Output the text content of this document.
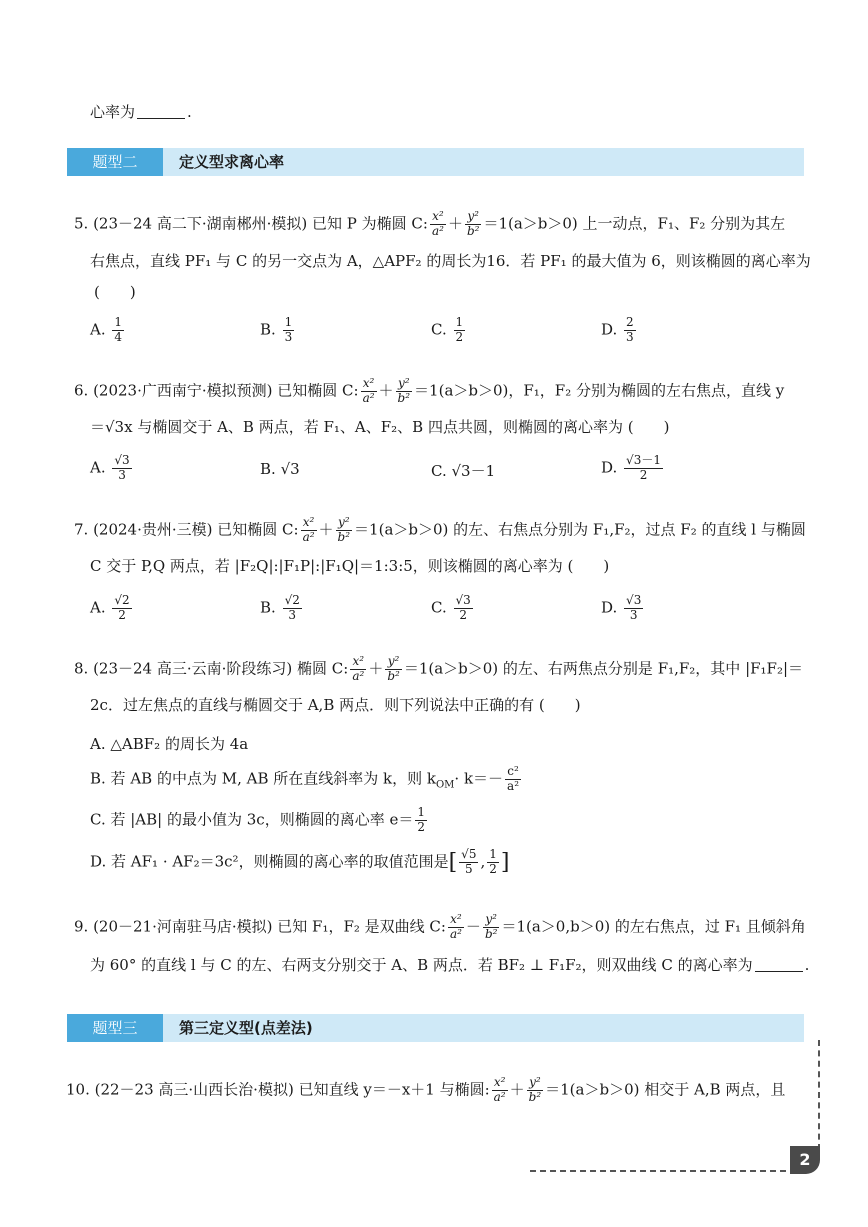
心率为	.
题型二	定义型求离心率
5. (23－24 高二下·湖南郴州·模拟) 已知 P 为椭圆 C: $\frac{\text{x²}}{\text{a²}} + \frac{\text{y²}}{\text{b²}} =1(a>b>0)$ 上一动点，F₁、F₂ 分别为其左
右焦点，直线 PF₁ 与 C 的另一交点为 A，△APF₂ 的周长为16．若 PF₁ 的最大值为 6，则该椭圆的离心率为
(　　)
A. $\frac{1}{4}$	B. $\frac{1}{3}$	C. $\frac{1}{2}$	D. $\frac{2}{3}$
6. (2023·广西南宁·模拟预测) 已知椭圆 C: $\frac{\text{x²}}{\text{a²}} + \frac{\text{y²}}{\text{b²}} =1(a>b>0)$，F₁，F₂ 分别为椭圆的左右焦点，直线 y
＝√3x 与椭圆交于 A、B 两点，若 F₁、A、F₂、B 四点共圆，则椭圆的离心率为 (　　)
A. $\frac{√3}{3}$	B. √3	C. √3－1	D. $\frac{√3-1}{2}$
7. (2024·贵州·三模) 已知椭圆 C: $\frac{\text{x²}}{\text{a²}} + \frac{\text{y²}}{\text{b²}} =1(a>b>0)$ 的左、右焦点分别为 F₁,F₂，过点 F₂ 的直线 l 与椭圆
C 交于 P,Q 两点，若 |F₂Q|:|F₁P|:|F₁Q|＝1:3:5，则该椭圆的离心率为 (　　)
A. $\frac{√2}{2}$	B. $\frac{√2}{3}$	C. $\frac{√3}{2}$	D. $\frac{√3}{3}$
8. (23－24 高三·云南·阶段练习) 椭圆 C: $\frac{\text{x²}}{\text{a²}} + \frac{\text{y²}}{\text{b²}} =1(a>b>0)$ 的左、右两焦点分别是 F₁,F₂，其中 |F₁F₂|＝
2c．过左焦点的直线与椭圆交于 A,B 两点．则下列说法中正确的有 (　　)
A. △ABF₂ 的周长为 4a
B. 若 AB 的中点为 M, AB 所在直线斜率为 k，则 $k_{OM}\cdot k=- \frac{\text{c²}}{\text{a²}}$
C. 若 |AB| 的最小值为 3c，则椭圆的离心率 $e= \frac{1}{2}$
D. 若 AF₁ · AF₂＝3c²，则椭圆的离心率的取值范围是[ $\frac{√5}{5}$ , $\frac{1}{2}$ ]
9. (20－21·河南驻马店·模拟) 已知 F₁，F₂ 是双曲线 C: $\frac{\text{x²}}{\text{a²}} - \frac{\text{y²}}{\text{b²}} =1(a>0,b>0)$ 的左右焦点，过 F₁ 且倾斜角
为 60° 的直线 l 与 C 的左、右两支分别交于 A、B 两点．若 BF₂ ⊥ F₁F₂，则双曲线 C 的离心率为	.
题型三	第三定义型(点差法)
10. (22－23 高三·山西长治·模拟) 已知直线 y＝－x＋1 与椭圆: $\frac{\text{x²}}{\text{a²}} + \frac{\text{y²}}{\text{b²}} =1(a>b>0)$ 相交于 A,B 两点，且
2
